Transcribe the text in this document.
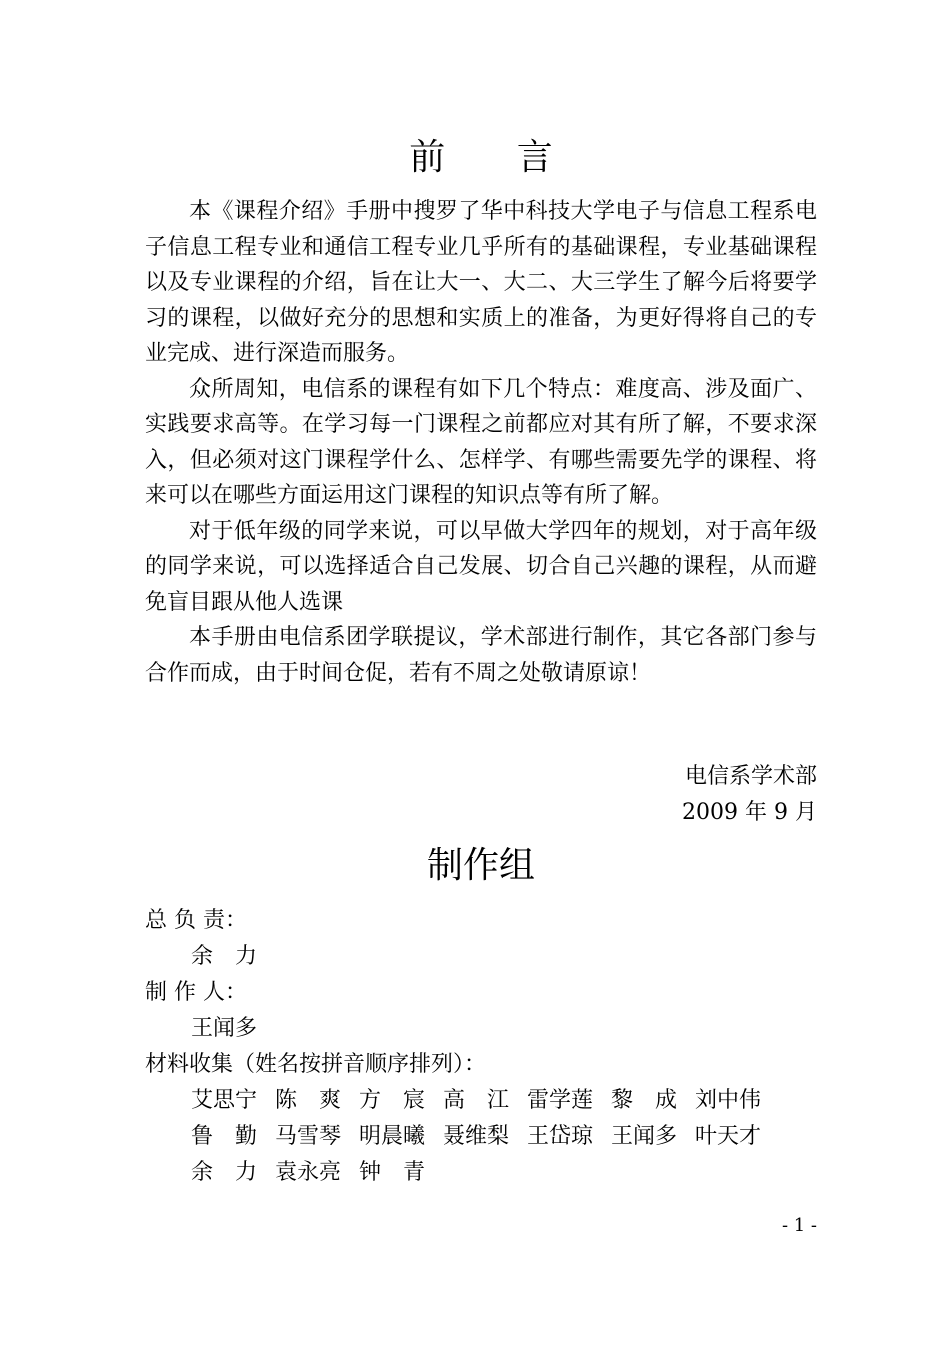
前 言

本《课程介绍》手册中搜罗了华中科技大学电子与信息工程系电子信息工程专业和通信工程专业几乎所有的基础课程，专业基础课程以及专业课程的介绍，旨在让大一、大二、大三学生了解今后将要学习的课程，以做好充分的思想和实质上的准备，为更好得将自己的专业完成、进行深造而服务。

众所周知，电信系的课程有如下几个特点：难度高、涉及面广、实践要求高等。在学习每一门课程之前都应对其有所了解，不要求深入，但必须对这门课程学什么、怎样学、有哪些需要先学的课程、将来可以在哪些方面运用这门课程的知识点等有所了解。

对于低年级的同学来说，可以早做大学四年的规划，对于高年级的同学来说，可以选择适合自己发展、切合自己兴趣的课程，从而避免盲目跟从他人选课

本手册由电信系团学联提议，学术部进行制作，其它各部门参与合作而成，由于时间仓促，若有不周之处敬请原谅！

电信系学术部
2009 年 9 月
制作组
总 负 责：
余　力
制 作 人：
王闻多
材料收集（姓名按拼音顺序排列）：
艾思宁 陈　爽 方　宸 高　江 雷学莲 黎　成 刘中伟
鲁　勤 马雪琴 明晨曦 聂维梨 王岱琼 王闻多 叶天才
余　力 袁永亮 钟　青
- 1 -
